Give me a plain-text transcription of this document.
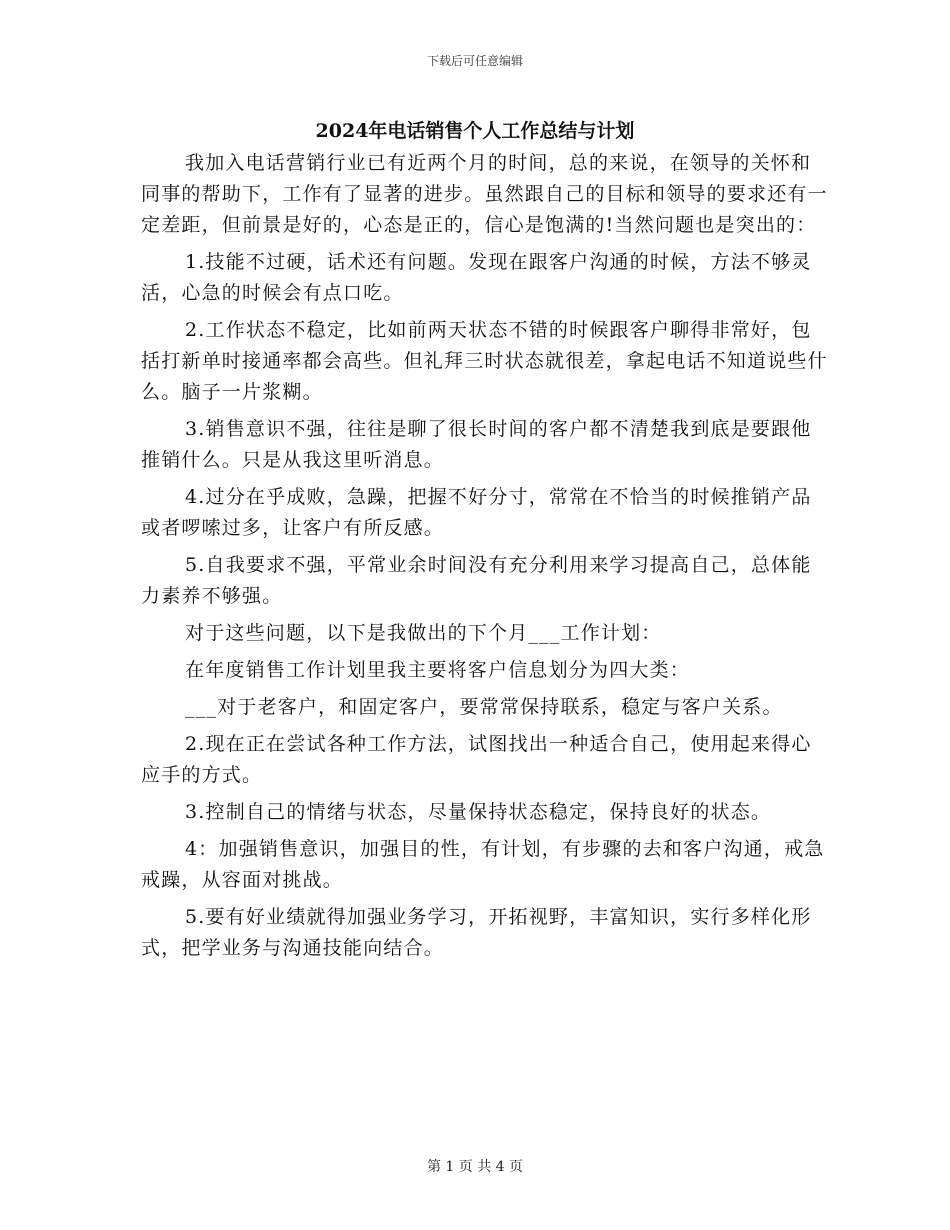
下载后可任意编辑
2024年电话销售个人工作总结与计划

我加入电话营销行业已有近两个月的时间，总的来说，在领导的关怀和同事的帮助下，工作有了显著的进步。虽然跟自己的目标和领导的要求还有一定差距，但前景是好的，心态是正的，信心是饱满的!当然问题也是突出的：

1.技能不过硬，话术还有问题。发现在跟客户沟通的时候，方法不够灵活，心急的时候会有点口吃。

2.工作状态不稳定，比如前两天状态不错的时候跟客户聊得非常好，包括打新单时接通率都会高些。但礼拜三时状态就很差，拿起电话不知道说些什么。脑子一片浆糊。

3.销售意识不强，往往是聊了很长时间的客户都不清楚我到底是要跟他推销什么。只是从我这里听消息。

4.过分在乎成败，急躁，把握不好分寸，常常在不恰当的时候推销产品或者啰嗦过多，让客户有所反感。

5.自我要求不强，平常业余时间没有充分利用来学习提高自己，总体能力素养不够强。

对于这些问题，以下是我做出的下个月___工作计划：

在年度销售工作计划里我主要将客户信息划分为四大类：

___对于老客户，和固定客户，要常常保持联系，稳定与客户关系。

2.现在正在尝试各种工作方法，试图找出一种适合自己，使用起来得心应手的方式。

3.控制自己的情绪与状态，尽量保持状态稳定，保持良好的状态。

4：加强销售意识，加强目的性，有计划，有步骤的去和客户沟通，戒急戒躁，从容面对挑战。

5.要有好业绩就得加强业务学习，开拓视野，丰富知识，实行多样化形式，把学业务与沟通技能向结合。

第 1 页 共 4 页
